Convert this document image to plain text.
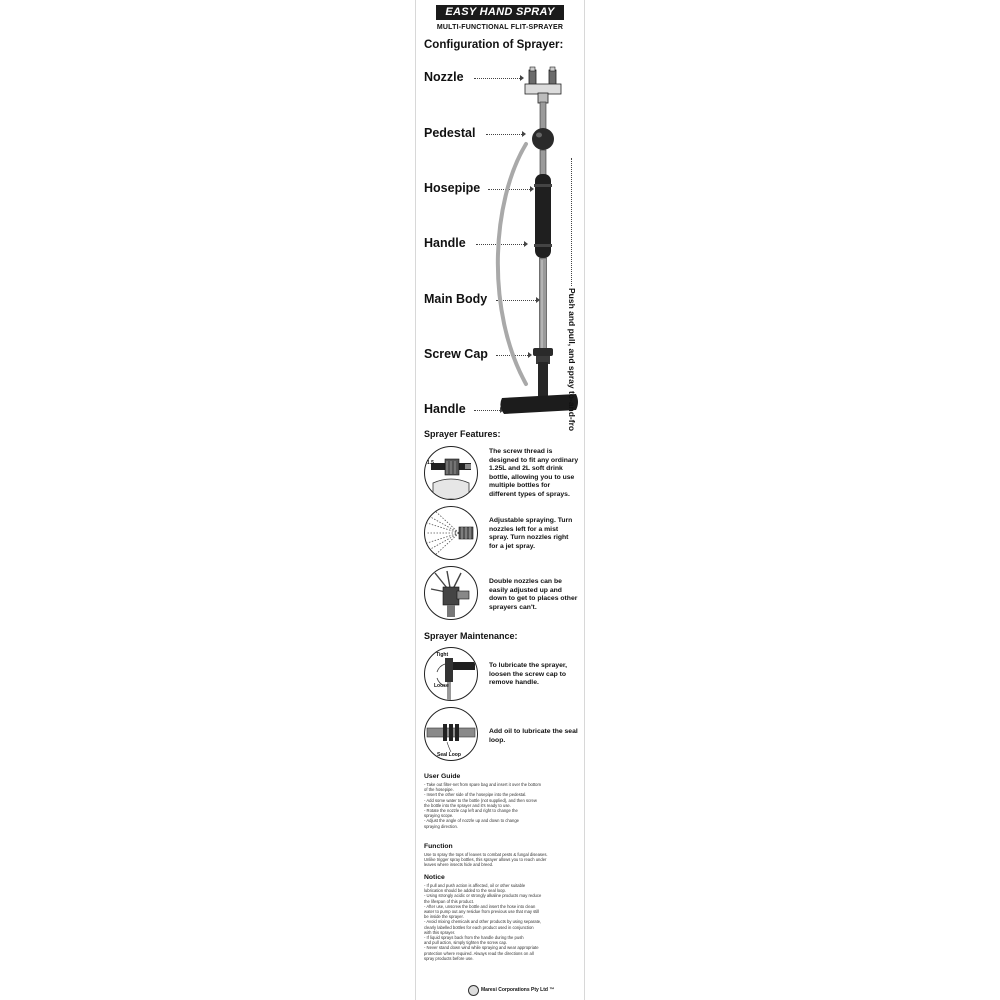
EASY HAND SPRAY
MULTI-FUNCTIONAL FLIT-SPRAYER
Configuration of Sprayer:
Nozzle
Pedestal
Hosepipe
Handle
Main Body
Screw Cap
Handle	Push and pull, and spray to-and-fro
Sprayer Features:
1.5
The screw thread is designed to fit any ordinary 1.25L and 2L soft drink bottle, allowing you to use multiple bottles for different types of sprays.
Adjustable spraying. Turn nozzles left for a mist spray. Turn nozzles right for a jet spray.
Double nozzles can be easily adjusted up and down to get to places other sprayers can't.
Sprayer Maintenance:
Tight
Loose
To lubricate the sprayer, loosen the screw cap to remove handle.
Seal Loop
Add oil to lubricate the seal loop.
User Guide
- Take out filter-net from spare bag and insert it over the bottom
of the hosepipe.
- Insert the other side of the hosepipe into the pedestal.
- Add some water to the bottle (not supplied), and then screw
the bottle into the sprayer and it's ready to use.
- Rotate the nozzle cap left and right to change the
spraying scope.
- Adjust the angle of nozzle up and down to change
spraying direction.
Function
Use to spray the tops of leaves to combat pests & fungal diseases.
Unlike trigger spray bottles, this sprayer allows you to reach under
leaves where insects hide and breed.
Notice
- If pull and push action is affected, oil or other suitable
lubrication should be added to the seal loop.
- Using strongly acidic or strongly alkaline products may reduce
the lifespan of this product.
- After use, unscrew the bottle and insert the hose into clean
water to pump out any residue from previous use that may still
be inside the sprayer.
- Avoid mixing chemicals and other products by using separate,
clearly labelled bottles for each product used in conjunction
with this sprayer.
- If liquid sprays back from the handle during the push
and pull action, simply tighten the screw cap.
- Never stand down wind while spraying and wear appropriate
protection where required. Always read the directions on all
spray products before use.
Maresi Corporations Pty Ltd ™
